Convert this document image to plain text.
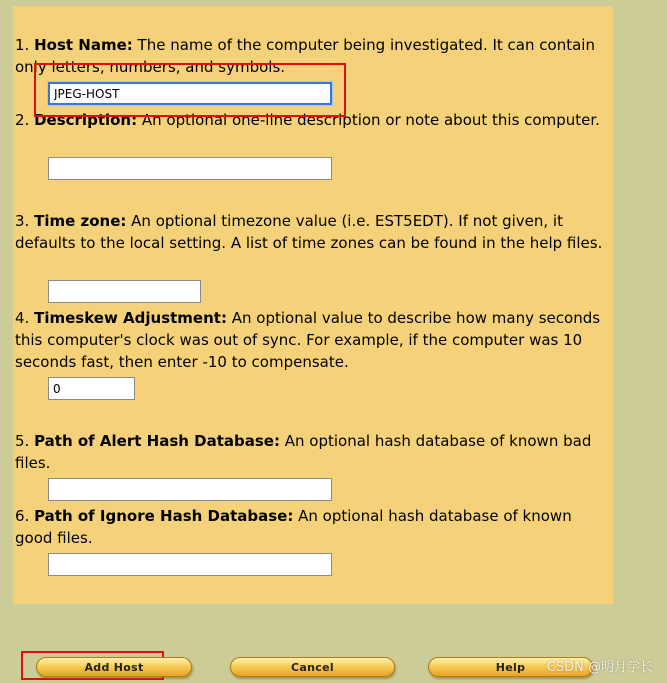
1. Host Name: The name of the computer being investigated. It can contain only letters, numbers, and symbols.
JPEG-HOST
2. Description: An optional one-line description or note about this computer.
3. Time zone: An optional timezone value (i.e. EST5EDT). If not given, it defaults to the local setting. A list of time zones can be found in the help files.
4. Timeskew Adjustment: An optional value to describe how many seconds this computer's clock was out of sync. For example, if the computer was 10 seconds fast, then enter -10 to compensate.
0
5. Path of Alert Hash Database: An optional hash database of known bad files.
6. Path of Ignore Hash Database: An optional hash database of known good files.
Add Host	Cancel	Help	CSDN @明月学长
